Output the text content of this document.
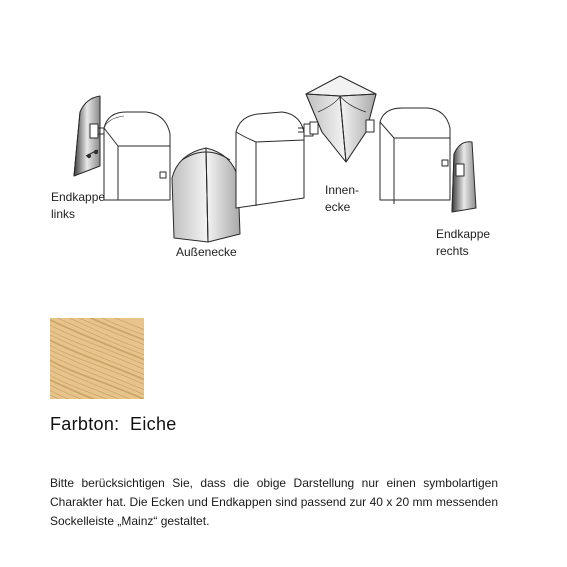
Endkappe
links
Außenecke
Innen-
ecke
Endkappe
rechts
Farbton:  Eiche

Bitte berücksichtigen Sie, dass die obige Darstellung nur einen symbolartigen Charakter hat. Die Ecken und Endkappen sind passend zur 40 x 20 mm messenden Sockelleiste „Mainz“ gestaltet.
